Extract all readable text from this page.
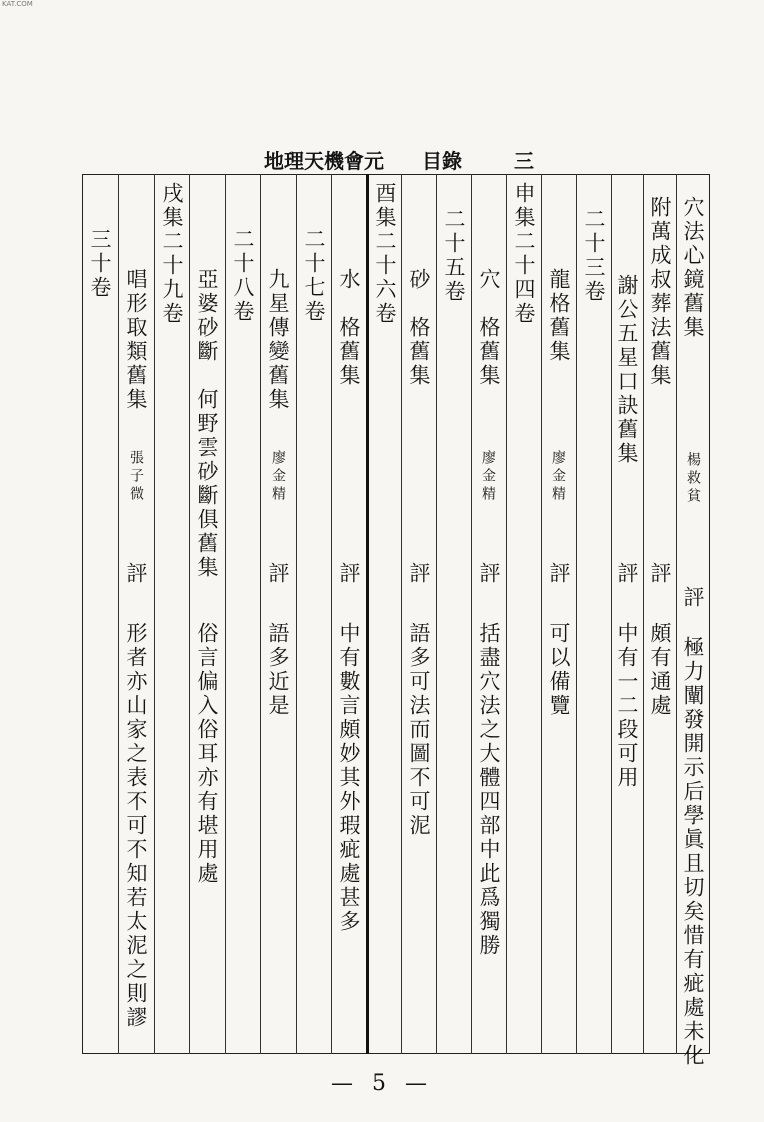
KAT.COM
地理天機會元 目錄	三
穴法心鏡舊集
楊救貧
評
極力闡發開示后學眞且切矣惜有疵處未化
附萬成叔葬法舊集
評
頗有通處
謝公五星口訣舊集
評
中有一二段可用
二十三卷
龍格舊集
廖金精
評
可以備覽
申集二十四卷
穴　格舊集
廖金精
評
括盡穴法之大體四部中此爲獨勝
二十五卷
砂　格舊集
評
語多可法而圖不可泥
酉集二十六卷
水　格舊集
評
中有數言頗妙其外瑕疵處甚多
二十七卷
九星傳變舊集
廖金精
評
語多近是
二十八卷
亞婆砂斷　何野雲砂斷俱舊集
俗言偏入俗耳亦有堪用處
戌集二十九卷
唱形取類舊集
張子微
評
形者亦山家之表不可不知若太泥之則謬
三十卷
— 5 —
